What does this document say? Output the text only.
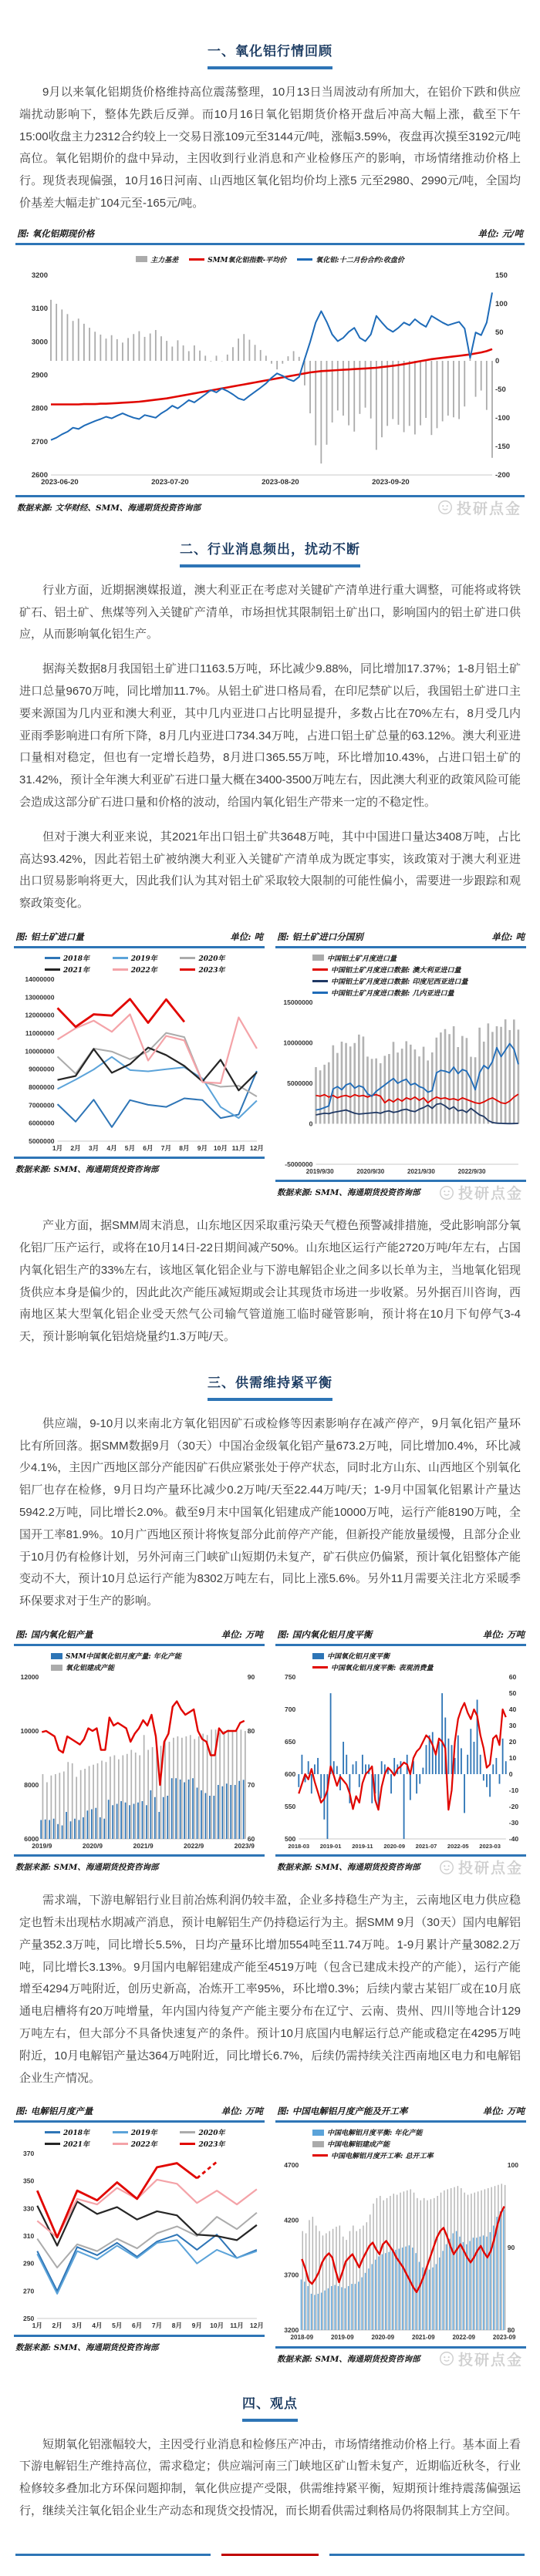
一、氧化铝行情回顾

9月以来氧化铝期货价格维持高位震荡整理，10月13日当周波动有所加大，在铝价下跌和供应端扰动影响下，整体先跌后反弹。而10月16日氧化铝期货价格开盘后冲高大幅上涨，截至下午15:00收盘主力2312合约较上一交易日涨109元至3144元/吨，涨幅3.59%，夜盘再次摸至3192元/吨高位。氧化铝期价的盘中异动，主因收到行业消息和产业检修压产的影响，市场情绪推动价格上行。现货表现偏强，10月16日河南、山西地区氧化铝均价均上涨5 元至2980、2990元/吨，全国均价基差大幅走扩104元至-165元/吨。

图: 氧化铝期现价格	单位: 元/吨
主力基差	SMM氧化铝指数-平均价	氧化铝:十二月份合约:收盘价
2600
2700
2800
2900
3000
3100
3200
-200
-150
-100
-50
0
50
100
150
2023-06-20	2023-07-20	2023-08-20	2023-09-20
数据来源: 文华财经、SMM、海通期货投资咨询部	投研点金
二、行业消息频出，扰动不断

行业方面，近期据澳媒报道，澳大利亚正在考虑对关键矿产清单进行重大调整，可能将或将铁矿石、铝土矿、焦煤等列入关键矿产清单，市场担忧其限制铝土矿出口，影响国内的铝土矿进口供应，从而影响氧化铝生产。

据海关数据8月我国铝土矿进口1163.5万吨，环比减少9.88%，同比增加17.37%；1-8月铝土矿进口总量9670万吨，同比增加11.7%。从铝土矿进口格局看，在印尼禁矿以后，我国铝土矿进口主要来源国为几内亚和澳大利亚，其中几内亚进口占比明显提升，多数占比在70%左右，8月受几内亚雨季影响进口有所下降，8月几内亚进口734.34万吨，占进口铝土矿总量的63.12%。澳大利亚进口量相对稳定，但也有一定增长趋势，8月进口365.55万吨，环比增加10.43%，占进口铝土矿的31.42%，预计全年澳大利亚矿石进口量大概在3400-3500万吨左右，因此澳大利亚的政策风险可能会造成这部分矿石进口量和价格的波动，给国内氧化铝生产带来一定的不稳定性。

但对于澳大利亚来说，其2021年出口铝土矿共3648万吨，其中中国进口量达3408万吨，占比高达93.42%，因此若铝土矿被纳澳大利亚入关键矿产清单成为既定事实，该政策对于澳大利亚进出口贸易影响将更大，因此我们认为其对铝土矿采取较大限制的可能性偏小，需要进一步跟踪和观察政策变化。

图: 铝土矿进口量	单位: 吨
2018年	2019年	2020年
2021年	2022年	2023年
5000000
6000000
7000000
8000000
9000000
10000000
11000000
12000000
13000000
14000000
1月 2月 3月 4月 5月 6月 7月 8月 9月 10月 11月 12月
数据来源: SMM、海通期货投资咨询部
图: 铝土矿进口分国别	单位: 吨
中国铝土矿月度进口量
中国铝土矿月度进口数据: 澳大利亚进口量
中国铝土矿月度进口数据: 印度尼西亚进口量
中国铝土矿月度进口数据: 几内亚进口量
-5000000
0
5000000
10000000
15000000
2019/9/30	2020/9/30	2021/9/30	2022/9/30
数据来源: SMM、海通期货投资咨询部	投研点金

产业方面，据SMM周末消息，山东地区因采取重污染天气橙色预警减排措施，受此影响部分氧化铝厂压产运行，或将在10月14日-22日期间减产50%。山东地区运行产能2720万吨/年左右，占国内氧化铝生产的33%左右，该地区氧化铝企业与下游电解铝企业之间多以长单为主，当地氧化铝现货供应本身是偏少的，因此此次产能压减短期或会让其现货市场进一步收紧。另外据百川咨询，西南地区某大型氧化铝企业受天然气公司输气管道施工临时碰管影响，预计将在10月下旬停气3-4天，预计影响氧化铝焙烧量约1.3万吨/天。

三、供需维持紧平衡

供应端，9-10月以来南北方氧化铝因矿石或检修等因素影响存在减产停产，9月氧化铝产量环比有所回落。据SMM数据9月（30天）中国冶金级氧化铝产量673.2万吨，同比增加0.4%，环比减少4.1%，主因广西地区部分产能因矿石供应紧张处于停产状态，同时北方山东、山西地区个别氧化铝厂也存在检修，9月日均产量环比减少0.2万吨/天至22.44万吨/天；1-9月中国氧化铝累计产量达5942.2万吨，同比增长2.0%。截至9月末中国氧化铝建成产能10000万吨，运行产能8190万吨，全国开工率81.9%。10月广西地区预计将恢复部分此前停产产能，但新投产能放量缓慢，且部分企业于10月仍有检修计划，另外河南三门峡矿山短期仍未复产，矿石供应仍偏紧，预计氧化铝整体产能变动不大，预计10月总运行产能为8302万吨左右，同比上涨5.6%。另外11月需要关注北方采暖季环保要求对于生产的影响。

图: 国内氧化铝产量	单位: 万吨
SMM中国氧化铝月度产量: 年化产能
氧化铝建成产能
6000
8000
10000
12000
60
70
80
90
2019/9	2020/9	2021/9	2022/9	2023/9
数据来源: SMM、海通期货投资咨询部
图: 国内氧化铝月度平衡	单位: 万吨
中国氧化铝月度平衡
中国氧化铝月度平衡: 表观消费量
500
550
600
650
700
750
-40
-30
-20
-10
0
10
20
30
40
50
60
2018-03 2019-01 2019-11 2020-09 2021-07 2022-05 2023-03
数据来源: SMM、海通期货投资咨询部	投研点金

需求端，下游电解铝行业目前冶炼利润仍较丰盈，企业多持稳生产为主，云南地区电力供应稳定也暂未出现枯水期减产消息，预计电解铝生产仍持稳运行为主。据SMM 9月（30天）国内电解铝产量352.3万吨，同比增长5.5%，日均产量环比增加554吨至11.74万吨。1-9月累计产量3082.2万吨，同比增长3.13%。9月国内电解铝建成产能至4519万吨（包含已建成未投产的产能），运行产能增至4294万吨附近，创历史新高，冶炼开工率95%，环比增0.3%；后续内蒙古某铝厂或在10月底通电启槽将有20万吨增量，年内国内待复产产能主要分布在辽宁、云南、贵州、四川等地合计129万吨左右，但大部分不具备快速复产的条件。预计10月底国内电解运行总产能或稳定在4295万吨附近，10月电解铝产量达364万吨附近，同比增长6.7%，后续仍需持续关注西南地区电力和电解铝企业生产情况。

图: 电解铝月度产量	单位: 万吨
2018年	2019年	2020年
2021年	2022年	2023年
250
270
290
310
330
350
370
1月 2月 3月 4月 5月 6月 7月 8月 9月 10月 11月 12月
数据来源: SMM、海通期货投资咨询部
图: 中国电解铝月度产能及开工率	单位: 万吨
中国电解铝月度平衡: 年化产能
中国电解铝建成产能
中国电解铝月度开工率: 总开工率
3200
3700
4200
4700
80
90
100
2018-09	2019-09	2020-09	2021-09	2022-09	2023-09
数据来源: SMM、海通期货投资咨询部	投研点金
四、观点

短期氧化铝涨幅较大，主因受行业消息和检修压产冲击，市场情绪推动价格上行。基本面上看下游电解铝生产维持高位，需求稳定；供应端河南三门峡地区矿山暂未复产，近期临近秋冬，行业检修较多叠加北方环保问题抑制，氧化供应提产受限，供需维持紧平衡，短期预计维持震荡偏强运行，继续关注氧化铝企业生产动态和现货交投情况，而长期看供需过剩格局仍将限制其上方空间。
